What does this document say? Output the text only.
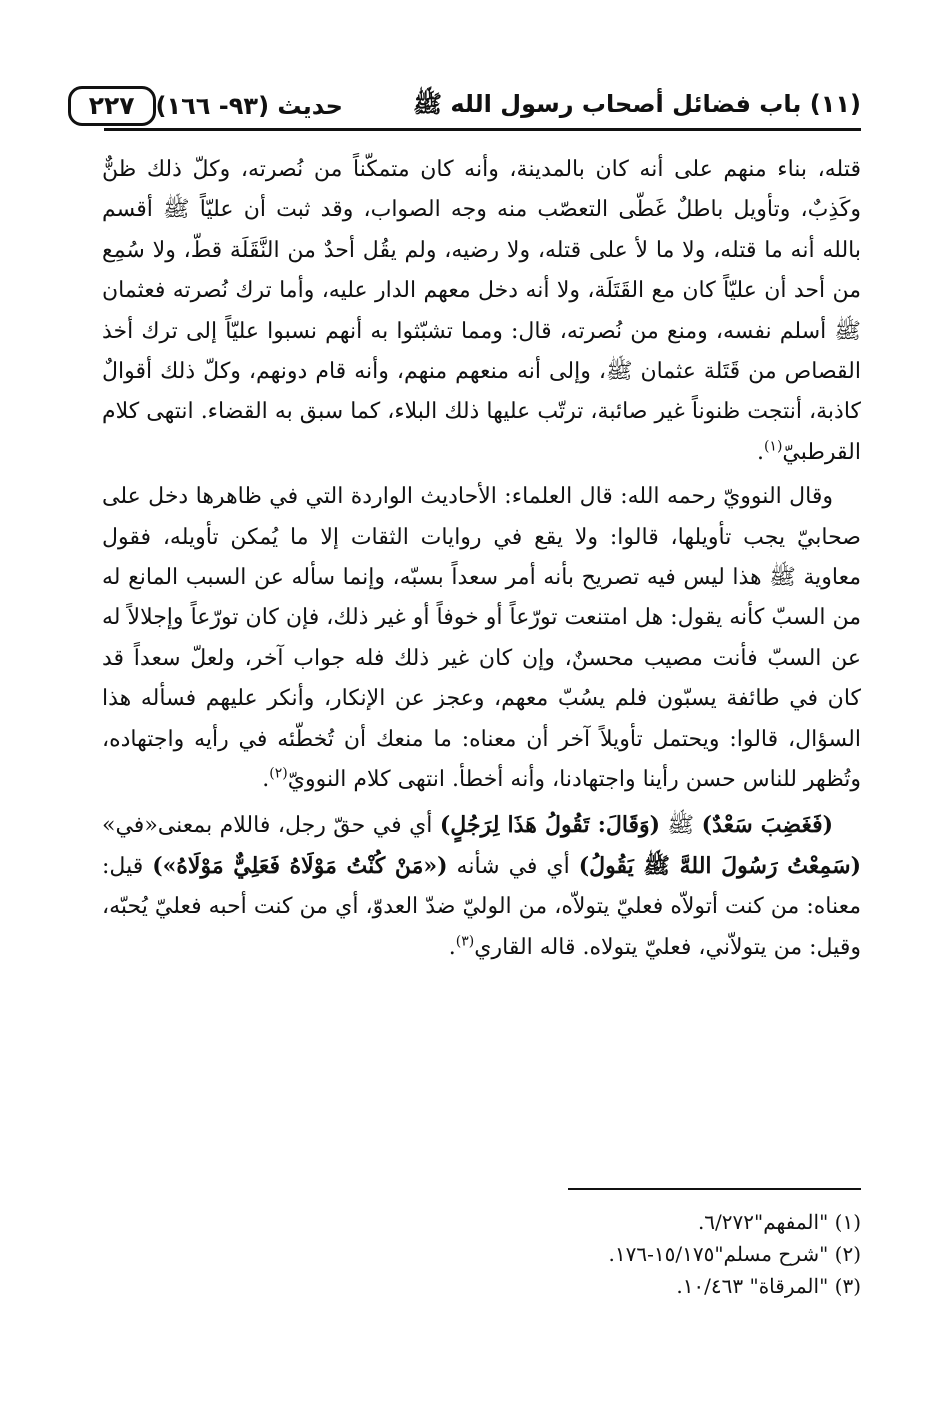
(١١) باب فضائل أصحاب رسول الله ﷺ
حديث (٩٣- ١٦٦)
٢٢٧

قتله، بناء منهم على أنه كان بالمدينة، وأنه كان متمكّناً من نُصرته، وكلّ ذلك ظنٌّ وكَذِبٌ، وتأويل باطلٌ غَطّى التعصّب منه وجه الصواب، وقد ثبت أن عليّاً ﷺ أقسم بالله أنه ما قتله، ولا ما لأ على قتله، ولا رضيه، ولم يقُل أحدٌ من النَّقَلَة قطّ، ولا سُمِع من أحد أن عليّاً كان مع القَتَلَة، ولا أنه دخل معهم الدار عليه، وأما ترك نُصرته فعثمان ﷺ أسلم نفسه، ومنع من نُصرته، قال: ومما تشبّثوا به أنهم نسبوا عليّاً إلى ترك أخذ القصاص من قَتَلة عثمان ﷺ، وإلى أنه منعهم منهم، وأنه قام دونهم، وكلّ ذلك أقوالٌ كاذبة، أنتجت ظنوناً غير صائبة، ترتّب عليها ذلك البلاء، كما سبق به القضاء. انتهى كلام القرطبيّ$^{(١)}$.

وقال النوويّ رحمه الله: قال العلماء: الأحاديث الواردة التي في ظاهرها دخل على صحابيّ يجب تأويلها، قالوا: ولا يقع في روايات الثقات إلا ما يُمكن تأويله، فقول معاوية ﷺ هذا ليس فيه تصريح بأنه أمر سعداً بسبّه، وإنما سأله عن السبب المانع له من السبّ كأنه يقول: هل امتنعت تورّعاً أو خوفاً أو غير ذلك، فإن كان تورّعاً وإجلالاً له عن السبّ فأنت مصيب محسنٌ، وإن كان غير ذلك فله جواب آخر، ولعلّ سعداً قد كان في طائفة يسبّون فلم يسُبّ معهم، وعجز عن الإنكار، وأنكر عليهم فسأله هذا السؤال، قالوا: ويحتمل تأويلاً آخر أن معناه: ما منعك أن تُخطّئه في رأيه واجتهاده، وتُظهر للناس حسن رأينا واجتهادنا، وأنه أخطأ. انتهى كلام النوويّ$^{(٢)}$.

(فَغَضِبَ سَعْدٌ) ﷺ (وَقَالَ: تَقُولُ هَذَا لِرَجُلٍ) أي في حقّ رجل، فاللام بمعنى«في» (سَمِعْتُ رَسُولَ اللهَّ ﷺ يَقُولُ) أي في شأنه («مَنْ كُنْتُ مَوْلَاهُ فَعَلِيٌّ مَوْلَاهُ») قيل: معناه: من كنت أتولاّه فعليّ يتولاّه، من الوليّ ضدّ العدوّ، أي من كنت أحبه فعليّ يُحبّه، وقيل: من يتولاّني، فعليّ يتولاه. قاله القاري$^{(٣)}$.

(١) "المفهم"٦/٢٧٢.
(٢) "شرح مسلم"١٥/١٧٥-١٧٦.
(٣) "المرقاة" ١٠/٤٦٣.
